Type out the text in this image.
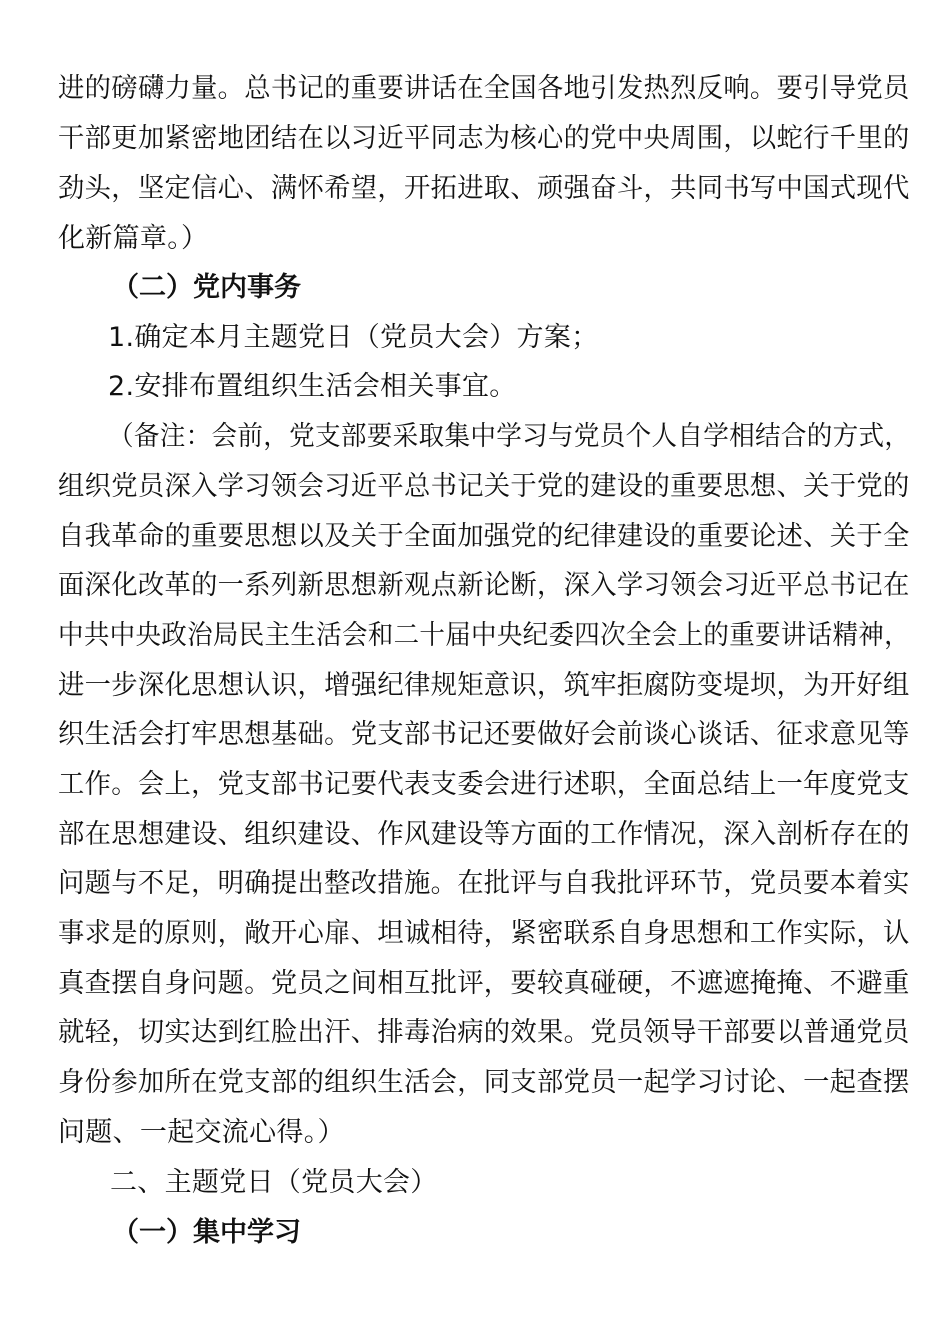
进的磅礴力量。总书记的重要讲话在全国各地引发热烈反响。要引导党员
干部更加紧密地团结在以习近平同志为核心的党中央周围，以蛇行千里的
劲头，坚定信心、满怀希望，开拓进取、顽强奋斗，共同书写中国式现代
化新篇章。）
（二）党内事务
1.确定本月主题党日（党员大会）方案；
2.安排布置组织生活会相关事宜。
（备注：会前，党支部要采取集中学习与党员个人自学相结合的方式，
组织党员深入学习领会习近平总书记关于党的建设的重要思想、关于党的
自我革命的重要思想以及关于全面加强党的纪律建设的重要论述、关于全
面深化改革的一系列新思想新观点新论断，深入学习领会习近平总书记在
中共中央政治局民主生活会和二十届中央纪委四次全会上的重要讲话精神，
进一步深化思想认识，增强纪律规矩意识，筑牢拒腐防变堤坝，为开好组
织生活会打牢思想基础。党支部书记还要做好会前谈心谈话、征求意见等
工作。会上，党支部书记要代表支委会进行述职，全面总结上一年度党支
部在思想建设、组织建设、作风建设等方面的工作情况，深入剖析存在的
问题与不足，明确提出整改措施。在批评与自我批评环节，党员要本着实
事求是的原则，敞开心扉、坦诚相待，紧密联系自身思想和工作实际，认
真查摆自身问题。党员之间相互批评，要较真碰硬，不遮遮掩掩、不避重
就轻，切实达到红脸出汗、排毒治病的效果。党员领导干部要以普通党员
身份参加所在党支部的组织生活会，同支部党员一起学习讨论、一起查摆
问题、一起交流心得。）
二、主题党日（党员大会）
（一）集中学习
